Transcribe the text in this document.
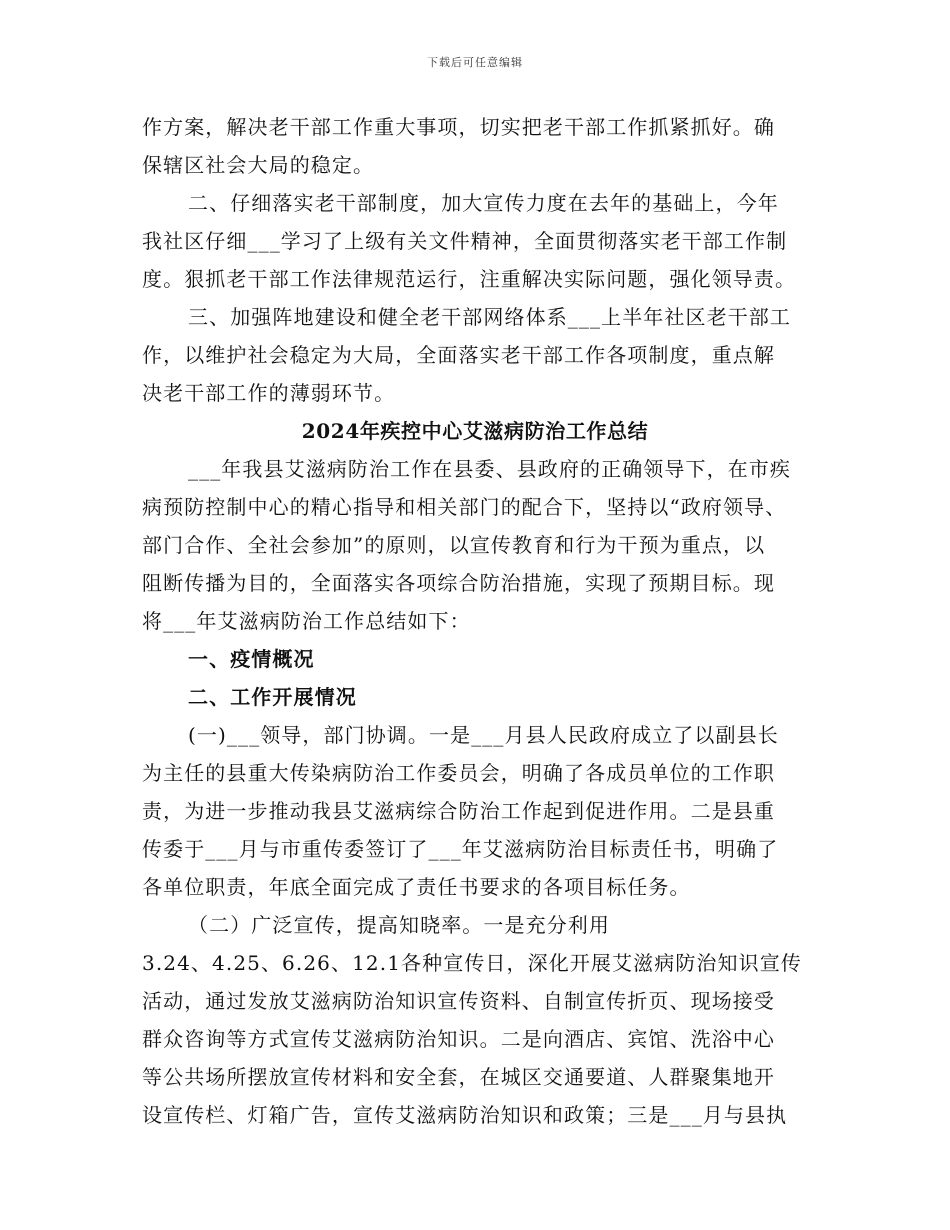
下载后可任意编辑
作方案，解决老干部工作重大事项，切实把老干部工作抓紧抓好。确
保辖区社会大局的稳定。
二、仔细落实老干部制度，加大宣传力度在去年的基础上，今年
我社区仔细___学习了上级有关文件精神，全面贯彻落实老干部工作制
度。狠抓老干部工作法律规范运行，注重解决实际问题，强化领导责。
三、加强阵地建设和健全老干部网络体系___上半年社区老干部工
作，以维护社会稳定为大局，全面落实老干部工作各项制度，重点解
决老干部工作的薄弱环节。
2024年疾控中心艾滋病防治工作总结
___年我县艾滋病防治工作在县委、县政府的正确领导下，在市疾
病预防控制中心的精心指导和相关部门的配合下，坚持以“政府领导、
部门合作、全社会参加”的原则，以宣传教育和行为干预为重点，以
阻断传播为目的，全面落实各项综合防治措施，实现了预期目标。现
将___年艾滋病防治工作总结如下：
一、疫情概况
二、工作开展情况
(一)___领导，部门协调。一是___月县人民政府成立了以副县长
为主任的县重大传染病防治工作委员会，明确了各成员单位的工作职
责，为进一步推动我县艾滋病综合防治工作起到促进作用。二是县重
传委于___月与市重传委签订了___年艾滋病防治目标责任书，明确了
各单位职责，年底全面完成了责任书要求的各项目标任务。
（二）广泛宣传，提高知晓率。一是充分利用
3.24、4.25、6.26、12.1各种宣传日，深化开展艾滋病防治知识宣传
活动，通过发放艾滋病防治知识宣传资料、自制宣传折页、现场接受
群众咨询等方式宣传艾滋病防治知识。二是向酒店、宾馆、洗浴中心
等公共场所摆放宣传材料和安全套，在城区交通要道、人群聚集地开
设宣传栏、灯箱广告，宣传艾滋病防治知识和政策；三是___月与县执
